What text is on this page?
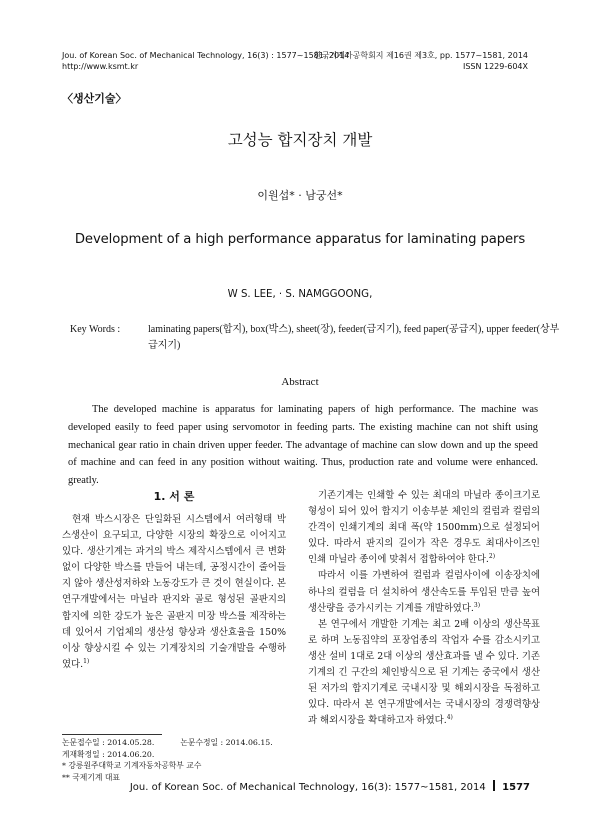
Jou. of Korean Soc. of Mechanical Technology, 16(3) : 1577~1581, 2014
http://www.ksmt.kr
한국기계가공학회지 제16권 제3호, pp. 1577~1581, 2014
ISSN 1229-604X
〈생산기술〉
고성능 합지장치 개발
이원섭* · 남궁선*
Development of a high performance apparatus for laminating papers
W S. LEE, · S. NAMGGOONG,
Key Words :	laminating papers(합지), box(박스), sheet(장), feeder(급지기), feed paper(공급지), upper feeder(상부
급지기)
Abstract
The developed machine is apparatus for laminating papers of high performance. The machine was developed easily to feed paper using servomotor in feeding parts. The existing machine can not shift using mechanical gear ratio in chain driven upper feeder. The advantage of machine can slow down and up the speed of machine and can feed in any position without waiting. Thus, production rate and volume were enhanced. greatly.
1. 서 론

현재 박스시장은 단일화된 시스템에서 여러형태 박스생산이 요구되고, 다양한 시장의 확장으로 이어지고 있다. 생산기계는 과거의 박스 제작시스템에서 큰 변화 없이 다양한 박스를 만들어 내는데, 공정시간이 줄어들지 않아 생산성저하와 노동강도가 큰 것이 현실이다. 본 연구개발에서는 마닐라 판지와 골로 형성된 골판지의 합지에 의한 강도가 높은 골판지 미장 박스를 제작하는데 있어서 기업체의 생산성 향상과 생산효율을 150% 이상 향상시킬 수 있는 기계장치의 기술개발을 수행하였다.$^{1)}$

논문접수일 : 2014.05.28.	논문수정일 : 2014.06.15.
게재확정일 : 2014.06.20.
* 강릉원주대학교 기계자동차공학부 교수
** 국제기계 대표

기존기계는 인쇄할 수 있는 최대의 마닐라 종이크기로 형성이 되어 있어 합지기 이송부분 체인의 컬럼과 컬럼의 간격이 인쇄기계의 최대 폭(약 1500mm)으로 설정되어 있다. 따라서 판지의 길이가 작은 경우도 최대사이즈인 인쇄 마닐라 종이에 맞춰서 접합하여야 한다.$^{2)}$

따라서 이를 가변하여 컬럼과 컬럼사이에 이송장치에 하나의 컬럼을 더 설치하여 생산속도를 투입된 만큼 높여 생산량을 증가시키는 기계를 개발하였다.$^{3)}$

본 연구에서 개발한 기계는 최고 2배 이상의 생산목표로 하며 노동집약의 포장업종의 작업자 수를 감소시키고 생산 설비 1대로 2대 이상의 생산효과를 낼 수 있다. 기존기계의 긴 구간의 체인방식으로 된 기계는 중국에서 생산된 저가의 합지기계로 국내시장 및 해외시장을 독점하고 있다. 따라서 본 연구개발에서는 국내시장의 경쟁력향상과 해외시장을 확대하고자 하였다.$^{4)}$

Jou. of Korean Soc. of Mechanical Technology, 16(3): 1577~1581, 2014 1577
